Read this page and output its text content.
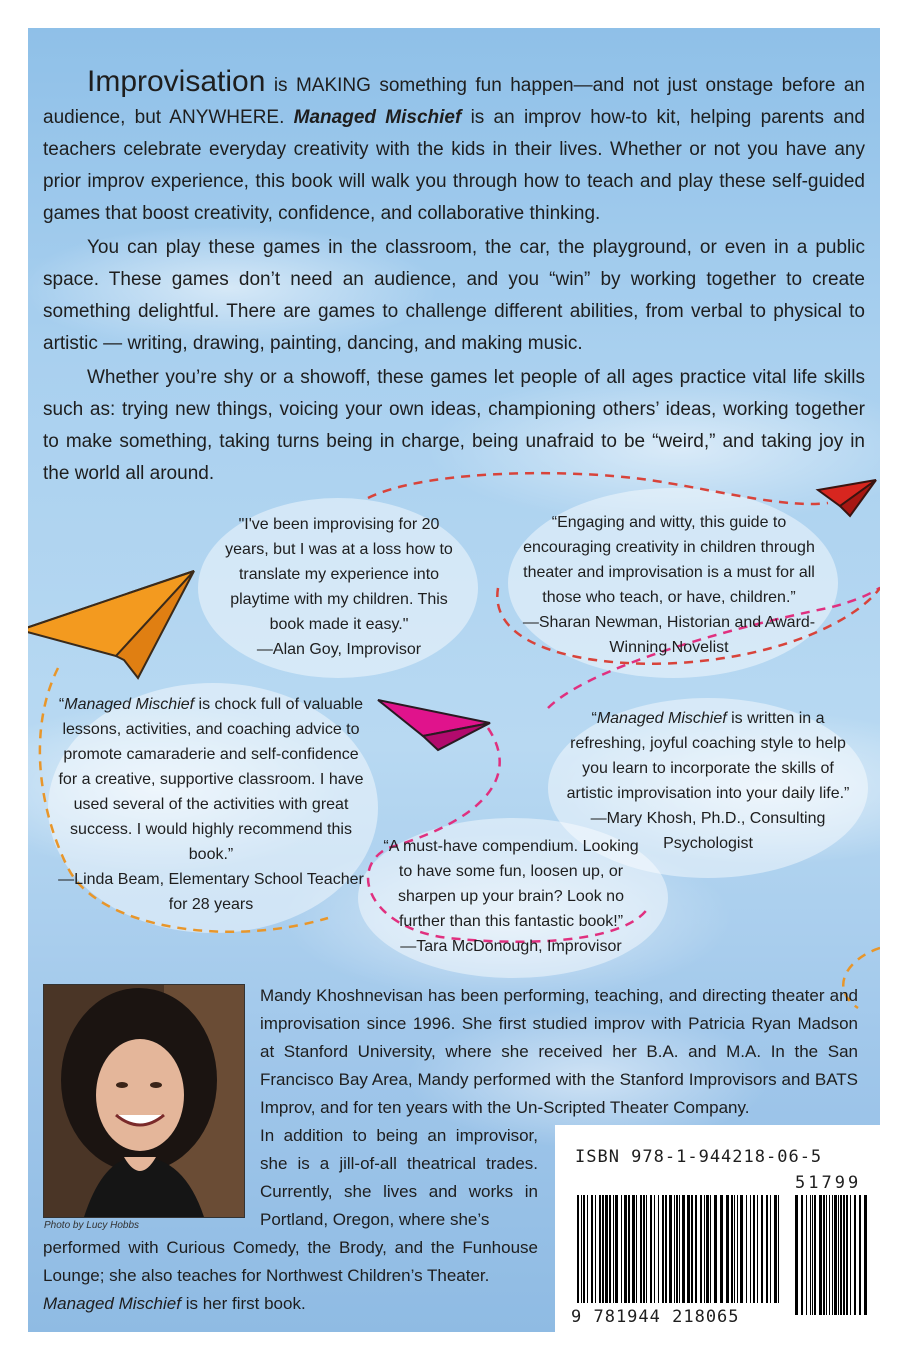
Improvisation is MAKING something fun happen—and not just onstage before an audience, but ANYWHERE. Managed Mischief is an improv how-to kit, helping parents and teachers celebrate everyday creativity with the kids in their lives. Whether or not you have any prior improv experience, this book will walk you through how to teach and play these self-guided games that boost creativity, confidence, and collaborative thinking.

You can play these games in the classroom, the car, the playground, or even in a public space. These games don’t need an audience, and you “win” by working together to create something delightful. There are games to challenge different abilities, from verbal to physical to artistic — writing, drawing, painting, dancing, and making music.

Whether you’re shy or a showoff, these games let people of all ages practice vital life skills such as: trying new things, voicing your own ideas, championing others’ ideas, working together to make something, taking turns being in charge, being unafraid to be “weird,” and taking joy in the world all around.

"I've been improvising for 20 years, but I was at a loss how to translate my experience into playtime with my children. This book made it easy."
—Alan Goy, Improvisor
“Engaging and witty, this guide to encouraging creativity in children through theater and improvisation is a must for all those who teach, or have, children.”
—Sharan Newman, Historian and Award-Winning Novelist
“Managed Mischief is chock full of valuable lessons, activities, and coaching advice to promote camaraderie and self-confidence for a creative, supportive classroom. I have used several of the activities with great success. I would highly recommend this book.”
—Linda Beam, Elementary School Teacher for 28 years
“Managed Mischief is written in a refreshing, joyful coaching style to help you learn to incorporate the skills of artistic improvisation into your daily life.”
—Mary Khosh, Ph.D., Consulting Psychologist
“A must-have compendium. Looking to have some fun, loosen up, or sharpen up your brain? Look no further than this fantastic book!”
—Tara McDonough, Improvisor
Photo by Lucy Hobbs
Mandy Khoshnevisan has been performing, teaching, and directing theater and improvisation since 1996. She first studied improv with Patricia Ryan Madson at Stanford University, where she received her B.A. and M.A. In the San Francisco Bay Area, Mandy performed with the Stanford Improvisors and BATS Improv, and for ten years with the Un-Scripted Theater Company.
In addition to being an improvisor, she is a jill-of-all theatrical trades. Currently, she lives and works in Portland, Oregon, where she’s
performed with Curious Comedy, the Brody, and the Funhouse Lounge; she also teaches for Northwest Children’s Theater.
Managed Mischief is her first book.
ISBN 978-1-944218-06-5
51799
9 781944 218065
